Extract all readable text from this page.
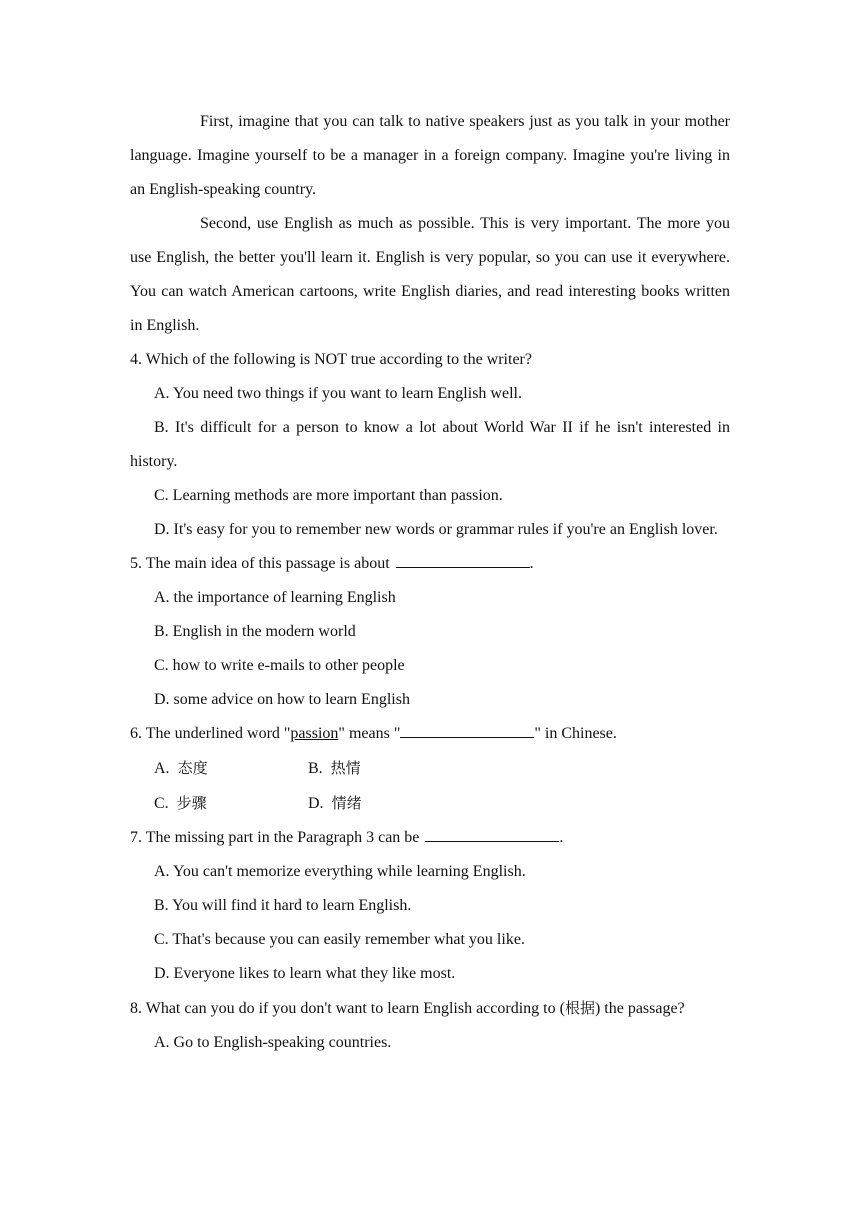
First, imagine that you can talk to native speakers just as you talk in your mother language. Imagine yourself to be a manager in a foreign company. Imagine you're living in an English-speaking country.

Second, use English as much as possible. This is very important. The more you use English, the better you'll learn it. English is very popular, so you can use it everywhere. You can watch American cartoons, write English diaries, and read interesting books written in English.

4. Which of the following is NOT true according to the writer?

A. You need two things if you want to learn English well.

B. It's difficult for a person to know a lot about World War II if he isn't interested in history.

C. Learning methods are more important than passion.

D. It's easy for you to remember new words or grammar rules if you're an English lover.

5. The main idea of this passage is about	.

A. the importance of learning English

B. English in the modern world

C. how to write e-mails to other people

D. some advice on how to learn English

6. The underlined word "passion" means "	" in Chinese.

A. 态度	B. 热情
C. 步骤	D. 情绪

7. The missing part in the Paragraph 3 can be	.

A. You can't memorize everything while learning English.

B. You will find it hard to learn English.

C. That's because you can easily remember what you like.

D. Everyone likes to learn what they like most.

8. What can you do if you don't want to learn English according to (根据) the passage?

A. Go to English-speaking countries.
